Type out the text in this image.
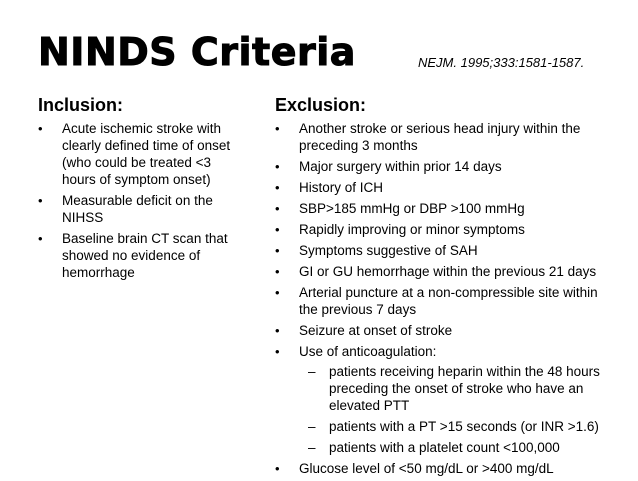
NINDS Criteria	NEJM. 1995;333:1581-1587.
Inclusion:
• Acute ischemic stroke with clearly defined time of onset (who could be treated <3 hours of symptom onset)
• Measurable deficit on the NIHSS
• Baseline brain CT scan that showed no evidence of hemorrhage
Exclusion:
• Another stroke or serious head injury within the preceding 3 months
• Major surgery within prior 14 days
• History of ICH
• SBP>185 mmHg or DBP >100 mmHg
• Rapidly improving or minor symptoms
• Symptoms suggestive of SAH
• GI or GU hemorrhage within the previous 21 days
• Arterial puncture at a non-compressible site within the previous 7 days
• Seizure at onset of stroke
• Use of anticoagulation:
– patients receiving heparin within the 48 hours preceding the onset of stroke who have an elevated PTT
– patients with a PT >15 seconds (or INR >1.6)
– patients with a platelet count <100,000
• Glucose level of <50 mg/dL or >400 mg/dL
